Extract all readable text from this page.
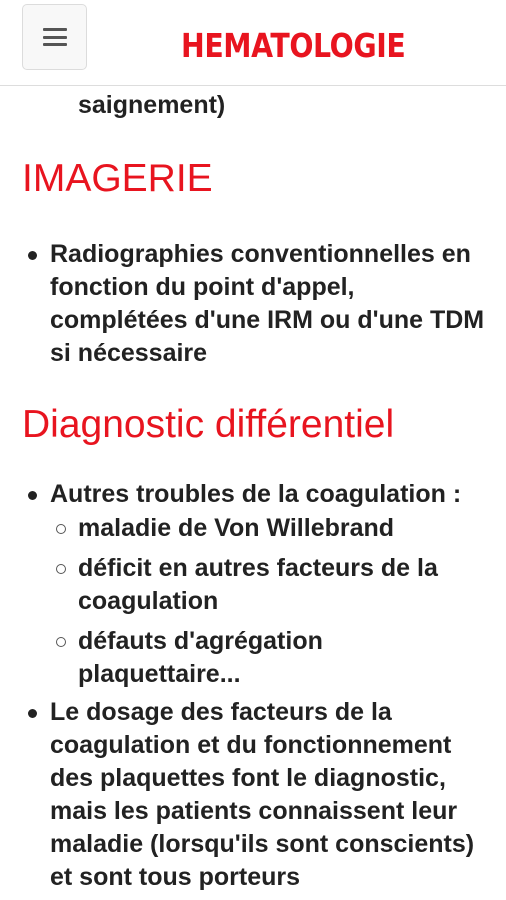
HEMATOLOGIE
saignement)
IMAGERIE
Radiographies conventionnelles en fonction du point d'appel, complétées d'une IRM ou d'une TDM si nécessaire
Diagnostic différentiel
Autres troubles de la coagulation :
maladie de Von Willebrand
déficit en autres facteurs de la coagulation
défauts d'agrégation plaquettaire...
Le dosage des facteurs de la coagulation et du fonctionnement des plaquettes font le diagnostic, mais les patients connaissent leur maladie (lorsqu'ils sont conscients) et sont tous porteurs
